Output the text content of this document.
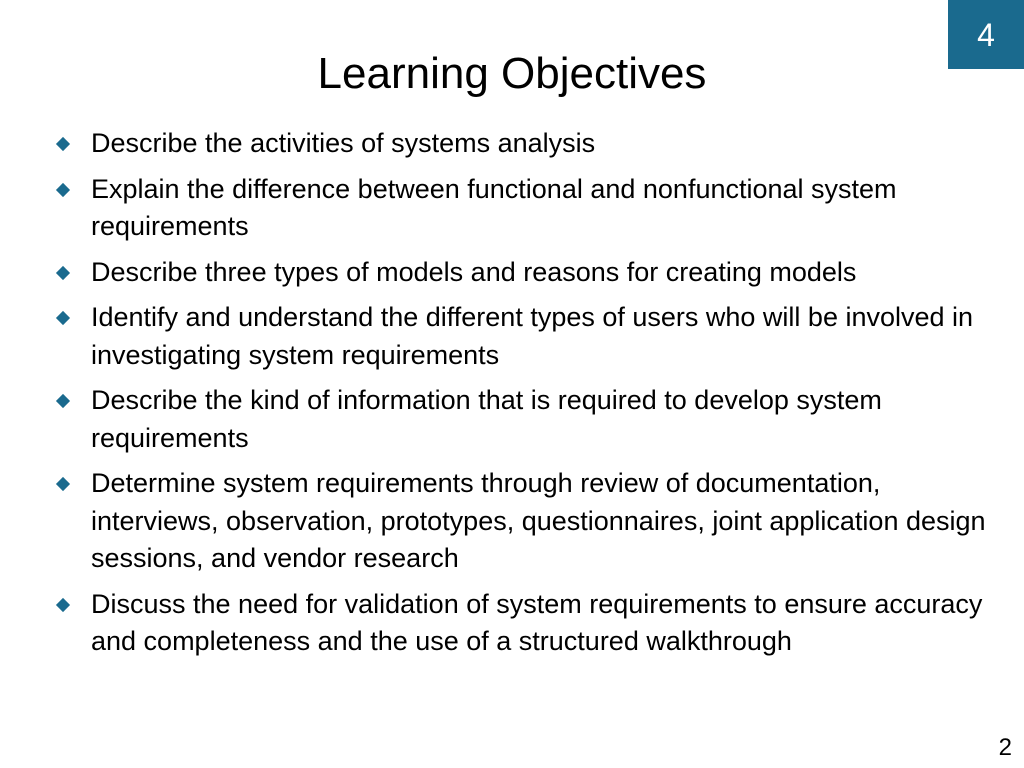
4
Learning Objectives
Describe the activities of systems analysis
Explain the difference between functional and nonfunctional system requirements
Describe three types of models and reasons for creating models
Identify and understand the different types of users who will be involved in investigating system requirements
Describe the kind of information that is required to develop system requirements
Determine system requirements through review of documentation, interviews, observation, prototypes, questionnaires, joint application design sessions, and vendor research
Discuss the need for validation of system requirements to ensure accuracy and completeness and the use of a structured walkthrough
2
